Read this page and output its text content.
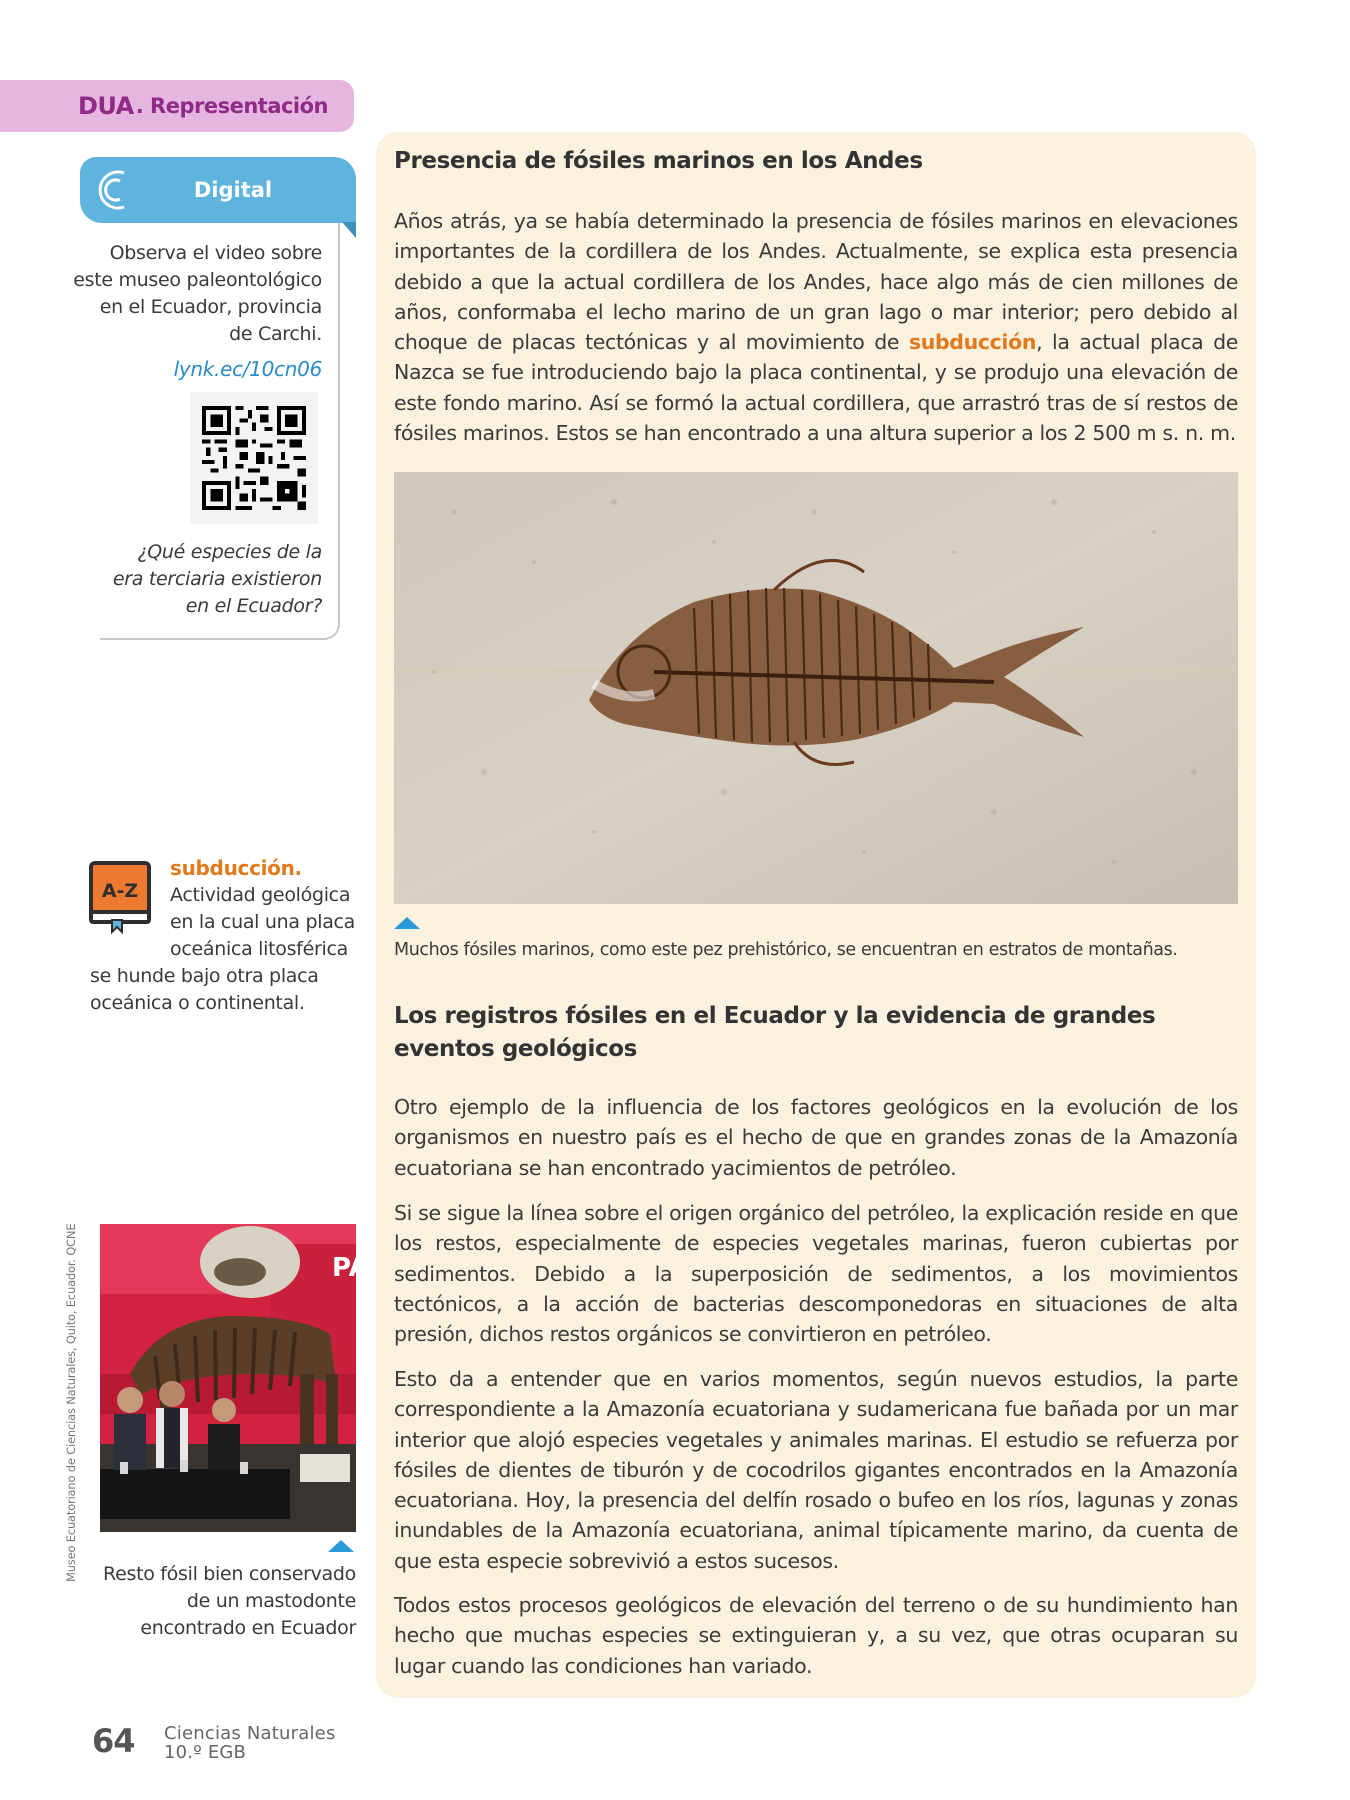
DUA . Representación
Digital
Observa el video sobre
este museo paleontológico
en el Ecuador, provincia
de Carchi.
lynk.ec/10cn06
¿Qué especies de la
era terciaria existieron
en el Ecuador?
A-Z
subducción.
Actividad geológica
en la cual una placa
oceánica litosférica
se hunde bajo otra placa
oceánica o continental.
PA
Museo Ecuatoriano de Ciencias Naturales, Quito, Ecuador. QCNE Resto fósil bien conservado
de un mastodonte
encontrado en Ecuador
Presencia de fósiles marinos en los Andes

Años atrás, ya se había determinado la presencia de fósiles marinos en elevaciones importantes de la cordillera de los Andes. Actualmente, se explica esta presencia debido a que la actual cordillera de los Andes, hace algo más de cien millones de años, conformaba el lecho marino de un gran lago o mar interior; pero debido al choque de placas tectónicas y al movimiento de subducción, la actual placa de Nazca se fue introduciendo bajo la placa continental, y se produjo una elevación de este fondo marino. Así se formó la actual cordillera, que arrastró tras de sí restos de fósiles marinos. Estos se han encontrado a una altura superior a los 2 500 m s. n. m.

Muchos fósiles marinos, como este pez prehistórico, se encuentran en estratos de montañas.
Los registros fósiles en el Ecuador y la evidencia de grandes eventos geológicos

Otro ejemplo de la influencia de los factores geológicos en la evolución de los organismos en nuestro país es el hecho de que en grandes zonas de la Amazonía ecuatoriana se han encontrado yacimientos de petróleo.

Si se sigue la línea sobre el origen orgánico del petróleo, la explicación reside en que los restos, especialmente de especies vegetales marinas, fueron cubiertas por sedimentos. Debido a la superposición de sedimentos, a los movimientos tectónicos, a la acción de bacterias descomponedoras en situaciones de alta presión, dichos restos orgánicos se convirtieron en petróleo.

Esto da a entender que en varios momentos, según nuevos estudios, la parte correspondiente a la Amazonía ecuatoriana y sudamericana fue bañada por un mar interior que alojó especies vegetales y animales marinas. El estudio se refuerza por fósiles de dientes de tiburón y de cocodrilos gigantes encontrados en la Amazonía ecuatoriana. Hoy, la presencia del delfín rosado o bufeo en los ríos, lagunas y zonas inundables de la Amazonía ecuatoriana, animal típicamente marino, da cuenta de que esta especie sobrevivió a estos sucesos.

Todos estos procesos geológicos de elevación del terreno o de su hundimiento han hecho que muchas especies se extinguieran y, a su vez, que otras ocuparan su lugar cuando las condiciones han variado.

64 Ciencias Naturales
10.º EGB
